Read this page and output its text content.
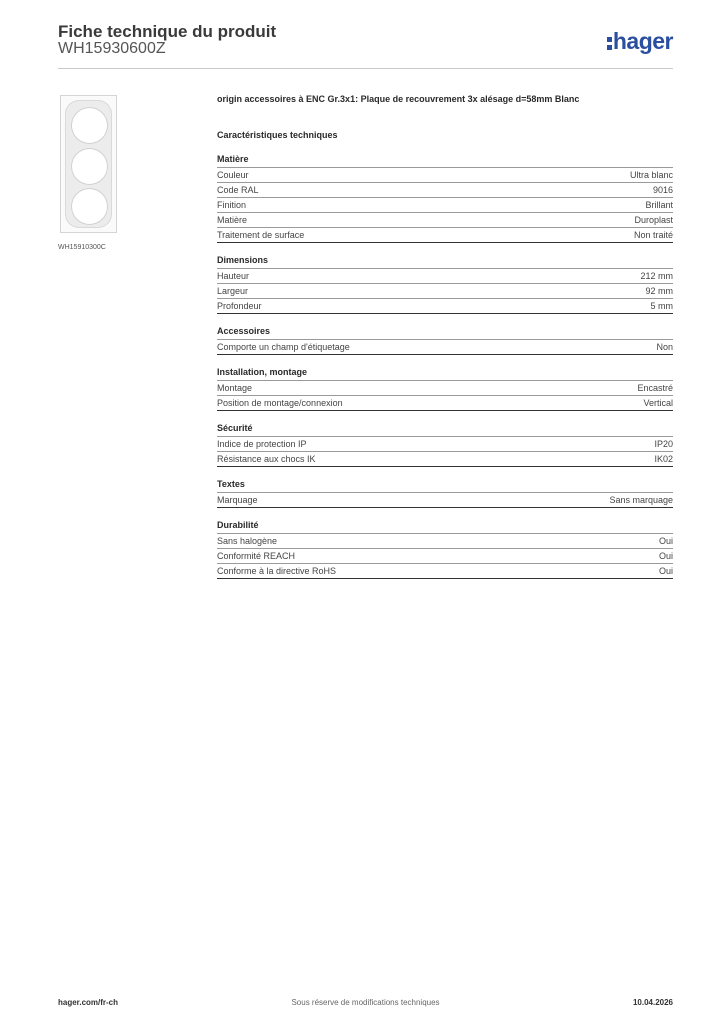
Fiche technique du produit
WH15930600Z	hager
WH15910300C
origin accessoires à ENC Gr.3x1: Plaque de recouvrement 3x alésage d=58mm Blanc
Caractéristiques techniques
Matière
Couleur	Ultra blanc
Code RAL	9016
Finition	Brillant
Matière	Duroplast
Traitement de surface	Non traité
Dimensions
Hauteur	212 mm
Largeur	92 mm
Profondeur	5 mm
Accessoires
Comporte un champ d'étiquetage	Non
Installation, montage
Montage	Encastré
Position de montage/connexion	Vertical
Sécurité
Indice de protection IP	IP20
Résistance aux chocs IK	IK02
Textes
Marquage	Sans marquage
Durabilité
Sans halogène	Oui
Conformité REACH	Oui
Conforme à la directive RoHS	Oui
hager.com/fr-ch	Sous réserve de modifications techniques	10.04.2026
